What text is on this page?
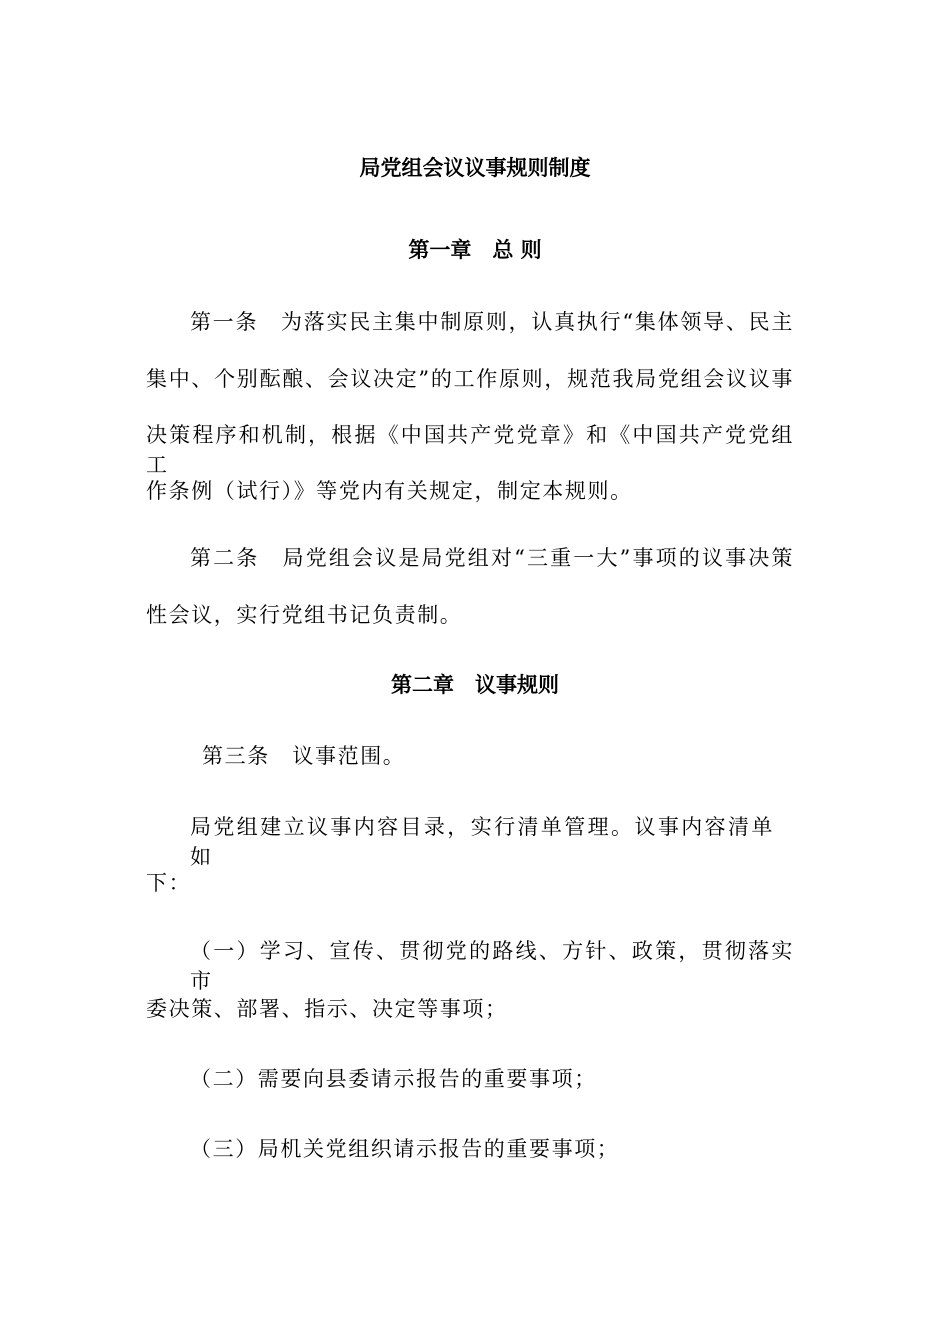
局党组会议议事规则制度
第一章　总 则
第一条　为落实民主集中制原则，认真执行“集体领导、民主
集中、个别酝酿、会议决定”的工作原则，规范我局党组会议议事
决策程序和机制，根据《中国共产党党章》和《中国共产党党组工
作条例（试行）》等党内有关规定，制定本规则。
第二条　局党组会议是局党组对“三重一大”事项的议事决策
性会议，实行党组书记负责制。
第二章　议事规则
第三条　议事范围。
局党组建立议事内容目录，实行清单管理。议事内容清单如
下：
（一）学习、宣传、贯彻党的路线、方针、政策，贯彻落实市
委决策、部署、指示、决定等事项；
（二）需要向县委请示报告的重要事项；
（三）局机关党组织请示报告的重要事项；
